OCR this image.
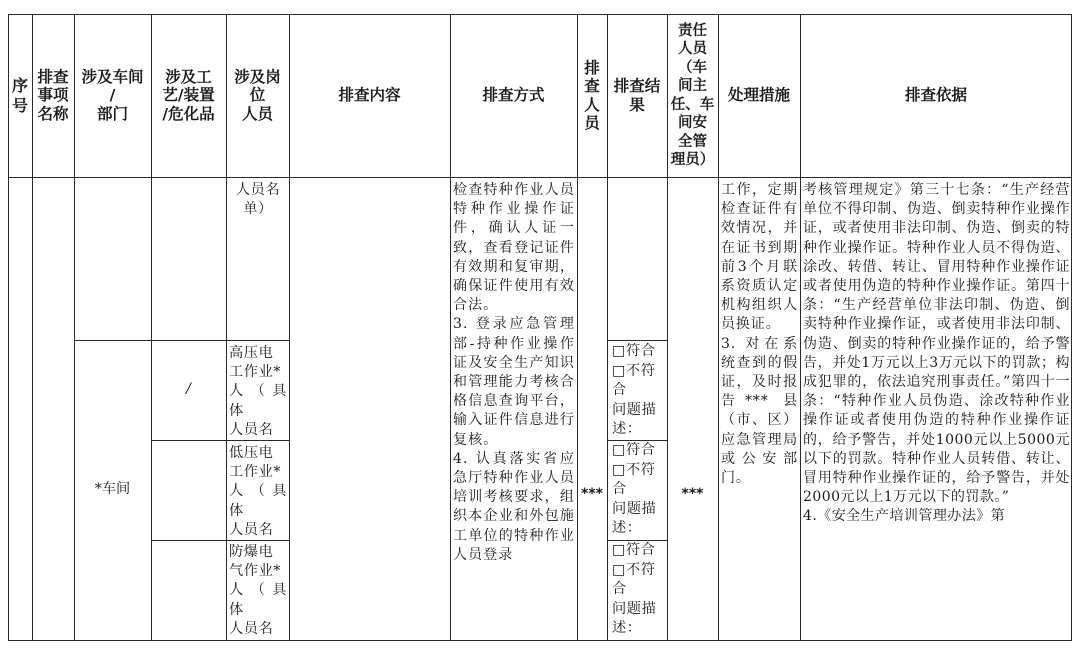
序
号
排查
事项
名称
涉及车间
/
部门
涉及工
艺/装置
/危化品
涉及岗
位
人员
排查内容	排查方式
排
查
人
员
排查结
果
责任
人员
（车
间主
任、车
间安
全管
理员）
处理措施	排查依据
*车间
/
人员名
单）
高压电
工作业*
人（具体
人员名

低压电
工作业*
人（具体
人员名

防爆电
气作业*
人（具体
人员名

检查特种作业人员特种作业操作证件，确认人证一致，查看登记证件有效期和复审期，确保证件使用有效合法。
3. 登录应急管理部-持种作业操作证及安全生产知识和管理能力考核合格信息查询平台，输入证件信息进行复核。
4. 认真落实省应急厅特种作业人员培训考核要求，组织本企业和外包施工单位的特种作业人员登录
***
□符合
□不符
合
问题描
述：
□符合
□不符
合
问题描
述：
□符合
□不符
合
问题描
述：
***
工作，定期检查证件有效情况，并在证书到期前3个月联系资质认定机构组织人员换证。
3. 对在系统查到的假证，及时报告*** 县（市、区）应急管理局或公安部门。
考核管理规定》第三十七条：“生产经营单位不得印制、伪造、倒卖特种作业操作证，或者使用非法印制、伪造、倒卖的特种作业操作证。特种作业人员不得伪造、涂改、转借、转让、冒用特种作业操作证或者使用伪造的特种作业操作证。第四十条：“生产经营单位非法印制、伪造、倒卖特种作业操作证，或者使用非法印制、伪造、倒卖的特种作业操作证的，给予警告，并处1万元以上3万元以下的罚款；构成犯罪的，依法追究刑事责任。”第四十一条：“特种作业人员伪造、涂改特种作业操作证或者使用伪造的特种作业操作证的，给予警告，并处1000元以上5000元以下的罚款。特种作业人员转借、转让、冒用特种作业操作证的，给予警告，并处2000元以上1万元以下的罚款。”
4.《安全生产培训管理办法》第
